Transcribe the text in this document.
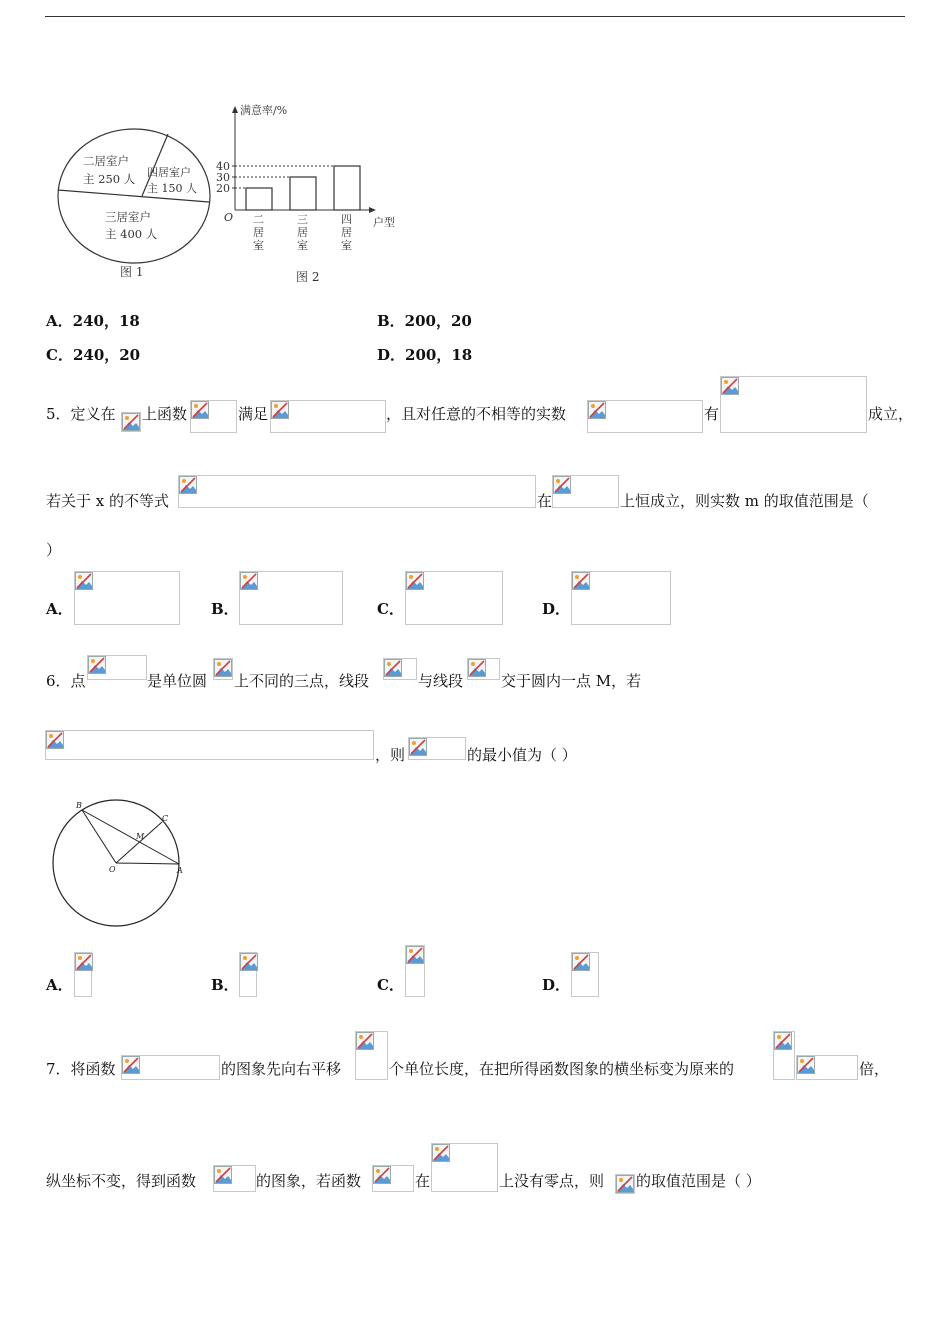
二居室户
主 250 人 四居室户
主 150 人
三居室户
主 400 人
图 1
满意率/%
O	户型
20
30
40
二
居
室
三
居
室
四
居
室
图 2
A．240，18	B．200，20
C．240，20	D．200，18
5．定义在 上函数	满足	，且对任意的不相等的实数	有	成立，
若关于 x 的不等式	在	上恒成立，则实数 m 的取值范围是（
）
A．	B．	C．	D．
6．点	是单位圆 上不同的三点，线段	与线段	交于圆内一点 M，若
，则	的最小值为（ ）
B
C
M
O	A
A．	B．	C．	D．
7．将函数	的图象先向右平移	个单位长度，在把所得函数图象的横坐标变为原来的	倍，
纵坐标不变，得到函数	的图象，若函数	在	上没有零点，则 的取值范围是（ ）
